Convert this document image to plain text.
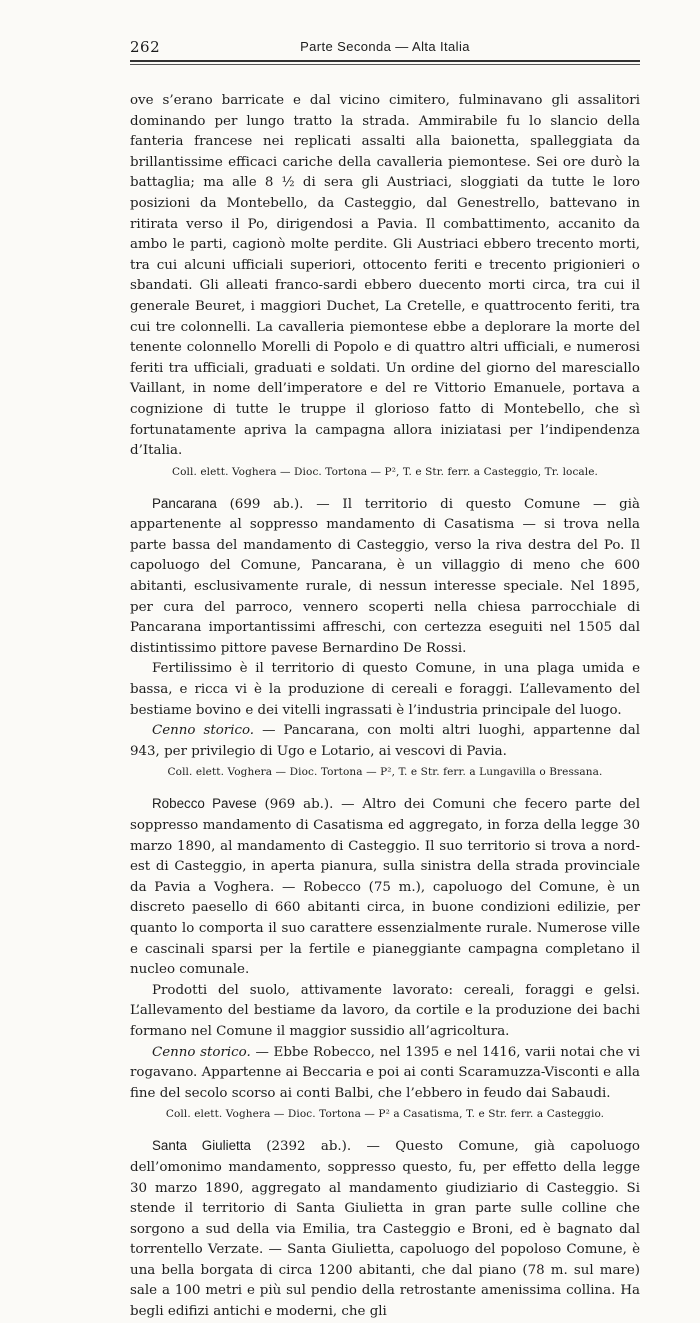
262	Parte Seconda — Alta Italia

ove s’erano barricate e dal vicino cimitero, fulminavano gli assalitori dominando per lungo tratto la strada. Ammirabile fu lo slancio della fanteria francese nei replicati assalti alla baionetta, spalleggiata da brillantissime efficaci cariche della cavalleria piemontese. Sei ore durò la battaglia; ma alle 8 ½ di sera gli Austriaci, sloggiati da tutte le loro posizioni da Montebello, da Casteggio, dal Genestrello, battevano in ritirata verso il Po, dirigendosi a Pavia. Il combattimento, accanito da ambo le parti, cagionò molte perdite. Gli Austriaci ebbero trecento morti, tra cui alcuni ufficiali superiori, ottocento feriti e trecento prigionieri o sbandati. Gli alleati franco-sardi ebbero duecento morti circa, tra cui il generale Beuret, i maggiori Duchet, La Cretelle, e quattrocento feriti, tra cui tre colonnelli. La cavalleria piemontese ebbe a deplorare la morte del tenente colonnello Morelli di Popolo e di quattro altri ufficiali, e numerosi feriti tra ufficiali, graduati e soldati. Un ordine del giorno del maresciallo Vaillant, in nome dell’imperatore e del re Vittorio Emanuele, portava a cognizione di tutte le truppe il glorioso fatto di Montebello, che sì fortunatamente apriva la campagna allora iniziatasi per l’indipendenza d’Italia.

Coll. elett. Voghera — Dioc. Tortona — P², T. e Str. ferr. a Casteggio, Tr. locale.

Pancarana (699 ab.). — Il territorio di questo Comune — già appartenente al soppresso mandamento di Casatisma — si trova nella parte bassa del mandamento di Casteggio, verso la riva destra del Po. Il capoluogo del Comune, Pancarana, è un villaggio di meno che 600 abitanti, esclusivamente rurale, di nessun interesse speciale. Nel 1895, per cura del parroco, vennero scoperti nella chiesa parrocchiale di Pancarana importantissimi affreschi, con certezza eseguiti nel 1505 dal distintissimo pittore pavese Bernardino De Rossi.

Fertilissimo è il territorio di questo Comune, in una plaga umida e bassa, e ricca vi è la produzione di cereali e foraggi. L’allevamento del bestiame bovino e dei vitelli ingrassati è l’industria principale del luogo.

Cenno storico. — Pancarana, con molti altri luoghi, appartenne dal 943, per privilegio di Ugo e Lotario, ai vescovi di Pavia.

Coll. elett. Voghera — Dioc. Tortona — P², T. e Str. ferr. a Lungavilla o Bressana.

Robecco Pavese (969 ab.). — Altro dei Comuni che fecero parte del soppresso mandamento di Casatisma ed aggregato, in forza della legge 30 marzo 1890, al mandamento di Casteggio. Il suo territorio si trova a nord-est di Casteggio, in aperta pianura, sulla sinistra della strada provinciale da Pavia a Voghera. — Robecco (75 m.), capoluogo del Comune, è un discreto paesello di 660 abitanti circa, in buone condizioni edilizie, per quanto lo comporta il suo carattere essenzialmente rurale. Numerose ville e cascinali sparsi per la fertile e pianeggiante campagna completano il nucleo comunale.

Prodotti del suolo, attivamente lavorato: cereali, foraggi e gelsi. L’allevamento del bestiame da lavoro, da cortile e la produzione dei bachi formano nel Comune il maggior sussidio all’agricoltura.

Cenno storico. — Ebbe Robecco, nel 1395 e nel 1416, varii notai che vi rogavano. Appartenne ai Beccaria e poi ai conti Scaramuzza-Visconti e alla fine del secolo scorso ai conti Balbi, che l’ebbero in feudo dai Sabaudi.

Coll. elett. Voghera — Dioc. Tortona — P² a Casatisma, T. e Str. ferr. a Casteggio.

Santa Giulietta (2392 ab.). — Questo Comune, già capoluogo dell’omonimo mandamento, soppresso questo, fu, per effetto della legge 30 marzo 1890, aggregato al mandamento giudiziario di Casteggio. Si stende il territorio di Santa Giulietta in gran parte sulle colline che sorgono a sud della via Emilia, tra Casteggio e Broni, ed è bagnato dal torrentello Verzate. — Santa Giulietta, capoluogo del popoloso Comune, è una bella borgata di circa 1200 abitanti, che dal piano (78 m. sul mare) sale a 100 metri e più sul pendio della retrostante amenissima collina. Ha begli edifizi antichi e moderni, che gli
